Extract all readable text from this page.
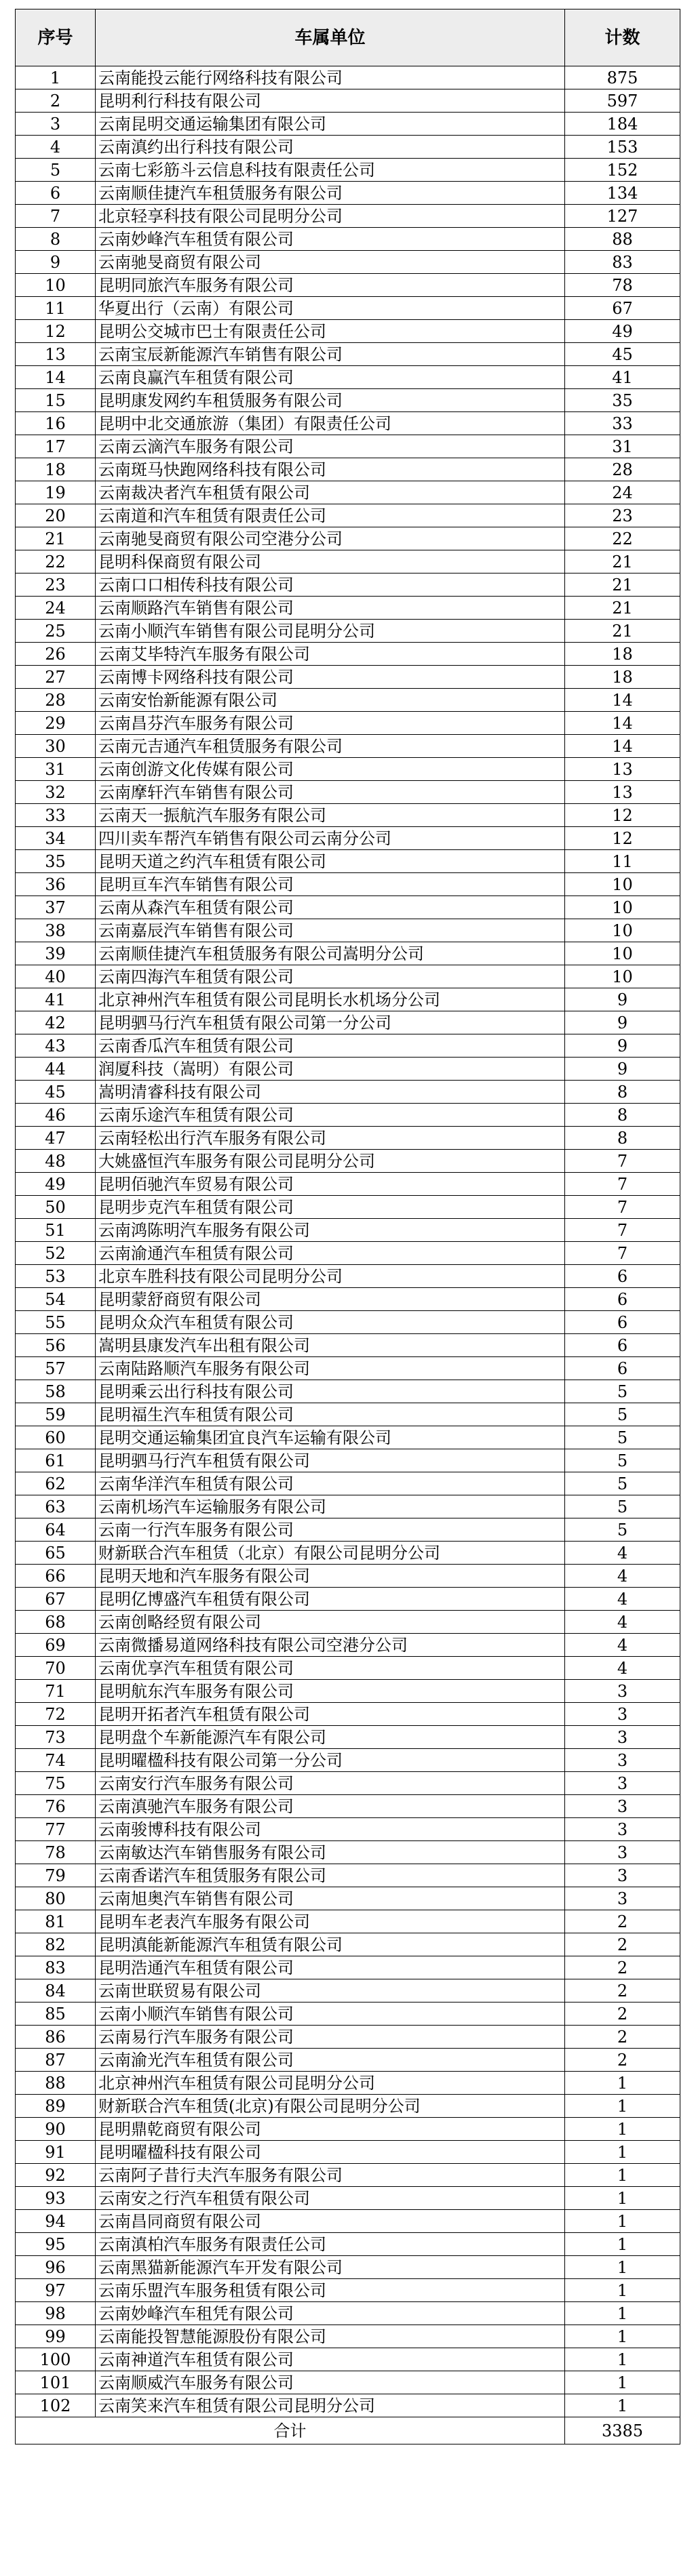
序号	车属单位	计数
1	云南能投云能行网络科技有限公司	875
2	昆明利行科技有限公司	597
3	云南昆明交通运输集团有限公司	184
4	云南滇约出行科技有限公司	153
5	云南七彩筋斗云信息科技有限责任公司	152
6	云南顺佳捷汽车租赁服务有限公司	134
7	北京轻享科技有限公司昆明分公司	127
8	云南妙峰汽车租赁有限公司	88
9	云南驰旻商贸有限公司	83
10	昆明同旅汽车服务有限公司	78
11	华夏出行（云南）有限公司	67
12	昆明公交城市巴士有限责任公司	49
13	云南宝辰新能源汽车销售有限公司	45
14	云南良赢汽车租赁有限公司	41
15	昆明康发网约车租赁服务有限公司	35
16	昆明中北交通旅游（集团）有限责任公司	33
17	云南云滴汽车服务有限公司	31
18	云南斑马快跑网络科技有限公司	28
19	云南裁决者汽车租赁有限公司	24
20	云南道和汽车租赁有限责任公司	23
21	云南驰旻商贸有限公司空港分公司	22
22	昆明科保商贸有限公司	21
23	云南口口相传科技有限公司	21
24	云南顺路汽车销售有限公司	21
25	云南小顺汽车销售有限公司昆明分公司	21
26	云南艾毕特汽车服务有限公司	18
27	云南博卡网络科技有限公司	18
28	云南安怡新能源有限公司	14
29	云南昌芬汽车服务有限公司	14
30	云南元吉通汽车租赁服务有限公司	14
31	云南创游文化传媒有限公司	13
32	云南摩轩汽车销售有限公司	13
33	云南天一振航汽车服务有限公司	12
34	四川卖车帮汽车销售有限公司云南分公司	12
35	昆明天道之约汽车租赁有限公司	11
36	昆明亘车汽车销售有限公司	10
37	云南从森汽车租赁有限公司	10
38	云南嘉辰汽车销售有限公司	10
39	云南顺佳捷汽车租赁服务有限公司嵩明分公司	10
40	云南四海汽车租赁有限公司	10
41	北京神州汽车租赁有限公司昆明长水机场分公司	9
42	昆明驷马行汽车租赁有限公司第一分公司	9
43	云南香瓜汽车租赁有限公司	9
44	润厦科技（嵩明）有限公司	9
45	嵩明清睿科技有限公司	8
46	云南乐途汽车租赁有限公司	8
47	云南轻松出行汽车服务有限公司	8
48	大姚盛恒汽车服务有限公司昆明分公司	7
49	昆明佰驰汽车贸易有限公司	7
50	昆明步克汽车租赁有限公司	7
51	云南鸿陈明汽车服务有限公司	7
52	云南渝通汽车租赁有限公司	7
53	北京车胜科技有限公司昆明分公司	6
54	昆明蒙舒商贸有限公司	6
55	昆明众众汽车租赁有限公司	6
56	嵩明县康发汽车出租有限公司	6
57	云南陆路顺汽车服务有限公司	6
58	昆明乘云出行科技有限公司	5
59	昆明福生汽车租赁有限公司	5
60	昆明交通运输集团宜良汽车运输有限公司	5
61	昆明驷马行汽车租赁有限公司	5
62	云南华洋汽车租赁有限公司	5
63	云南机场汽车运输服务有限公司	5
64	云南一行汽车服务有限公司	5
65	财新联合汽车租赁（北京）有限公司昆明分公司	4
66	昆明天地和汽车服务有限公司	4
67	昆明亿博盛汽车租赁有限公司	4
68	云南创略经贸有限公司	4
69	云南微播易道网络科技有限公司空港分公司	4
70	云南优享汽车租赁有限公司	4
71	昆明航东汽车服务有限公司	3
72	昆明开拓者汽车租赁有限公司	3
73	昆明盘个车新能源汽车有限公司	3
74	昆明曜楹科技有限公司第一分公司	3
75	云南安行汽车服务有限公司	3
76	云南滇驰汽车服务有限公司	3
77	云南骏博科技有限公司	3
78	云南敏达汽车销售服务有限公司	3
79	云南香诺汽车租赁服务有限公司	3
80	云南旭奥汽车销售有限公司	3
81	昆明车老表汽车服务有限公司	2
82	昆明滇能新能源汽车租赁有限公司	2
83	昆明浩通汽车租赁有限公司	2
84	云南世联贸易有限公司	2
85	云南小顺汽车销售有限公司	2
86	云南易行汽车服务有限公司	2
87	云南渝光汽车租赁有限公司	2
88	北京神州汽车租赁有限公司昆明分公司	1
89	财新联合汽车租赁(北京)有限公司昆明分公司	1
90	昆明鼎乾商贸有限公司	1
91	昆明曜楹科技有限公司	1
92	云南阿子昔行夫汽车服务有限公司	1
93	云南安之行汽车租赁有限公司	1
94	云南昌同商贸有限公司	1
95	云南滇柏汽车服务有限责任公司	1
96	云南黑猫新能源汽车开发有限公司	1
97	云南乐盟汽车服务租赁有限公司	1
98	云南妙峰汽车租凭有限公司	1
99	云南能投智慧能源股份有限公司	1
100	云南神道汽车租赁有限公司	1
101	云南顺威汽车服务有限公司	1
102	云南笑来汽车租赁有限公司昆明分公司	1
合计		3385
